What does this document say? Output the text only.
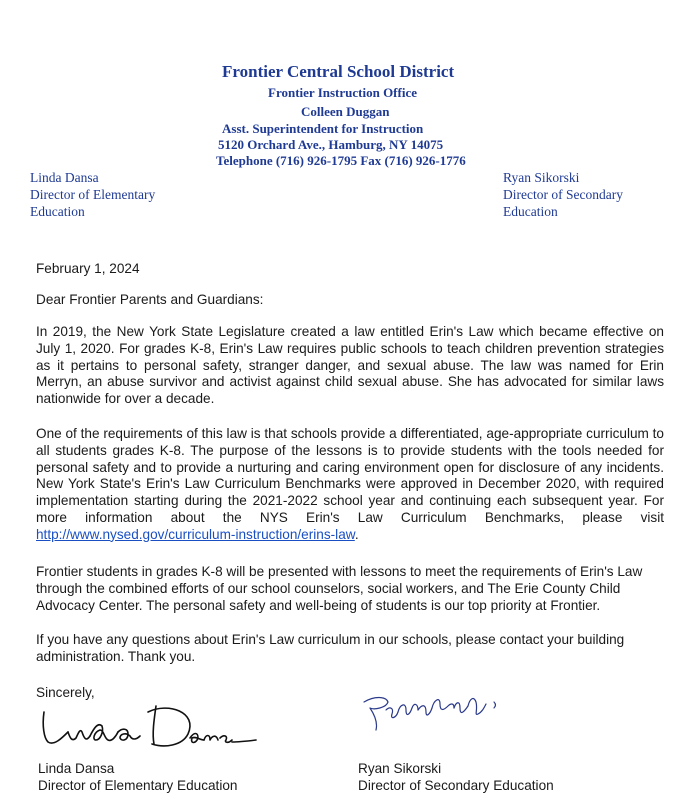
Frontier Central School District
Frontier Instruction Office
Colleen Duggan
Asst. Superintendent for Instruction
5120 Orchard Ave., Hamburg, NY 14075
Telephone (716) 926-1795 Fax (716) 926-1776
Linda Dansa
Director of Elementary
Education
Ryan Sikorski
Director of Secondary
Education
February 1, 2024
Dear Frontier Parents and Guardians:
In 2019, the New York State Legislature created a law entitled Erin's Law which became effective on July 1, 2020. For grades K-8, Erin's Law requires public schools to teach children prevention strategies as it pertains to personal safety, stranger danger, and sexual abuse. The law was named for Erin Merryn, an abuse survivor and activist against child sexual abuse. She has advocated for similar laws nationwide for over a decade.
One of the requirements of this law is that schools provide a differentiated, age-appropriate curriculum to all students grades K-8. The purpose of the lessons is to provide students with the tools needed for personal safety and to provide a nurturing and caring environment open for disclosure of any incidents. New York State's Erin's Law Curriculum Benchmarks were approved in December 2020, with required implementation starting during the 2021-2022 school year and continuing each subsequent year. For more information about the NYS Erin's Law Curriculum Benchmarks, please visit http://www.nysed.gov/curriculum-instruction/erins-law.
Frontier students in grades K-8 will be presented with lessons to meet the requirements of Erin's Law through the combined efforts of our school counselors, social workers, and The Erie County Child Advocacy Center. The personal safety and well-being of students is our top priority at Frontier.
If you have any questions about Erin's Law curriculum in our schools, please contact your building administration. Thank you.
Sincerely,
Linda Dansa
Director of Elementary Education
Ryan Sikorski
Director of Secondary Education
